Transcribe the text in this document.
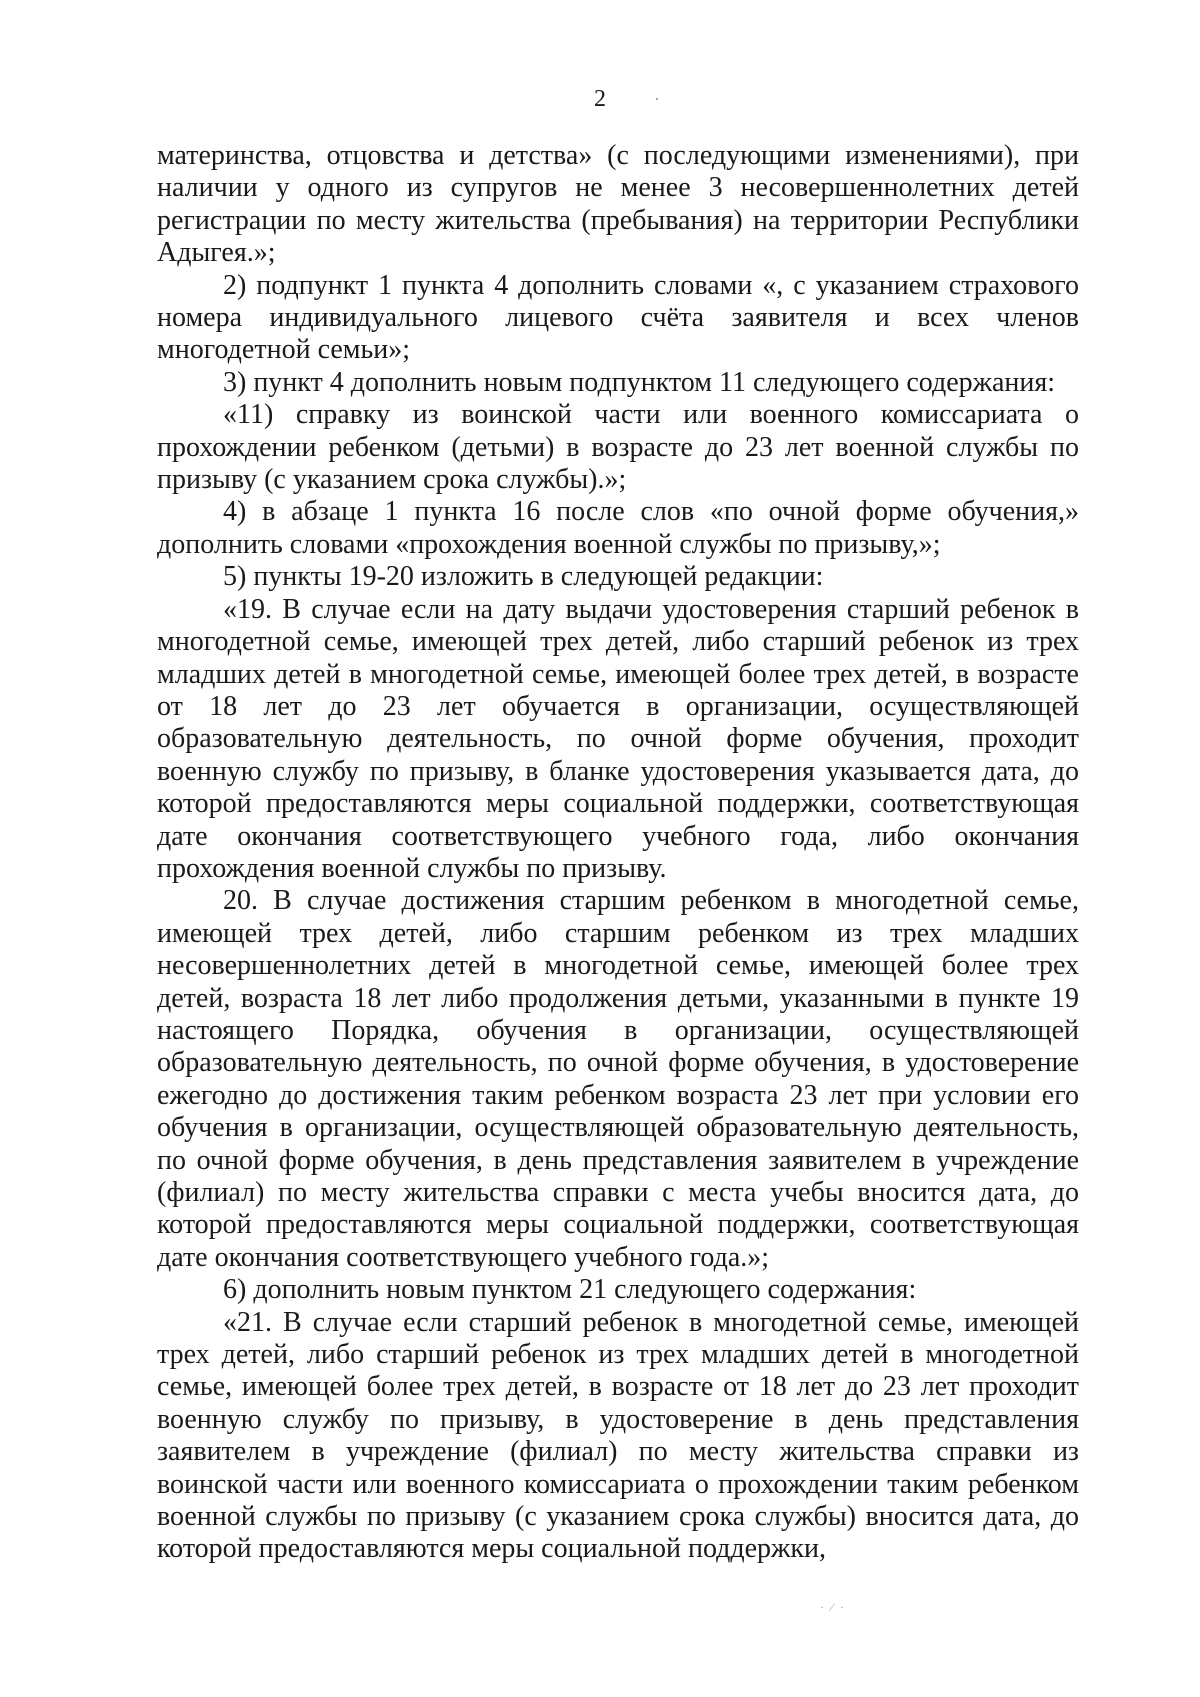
2

материнства, отцовства и детства» (с последующими изменениями), при наличии у одного из супругов не менее 3 несовершеннолетних детей регистрации по месту жительства (пребывания) на территории Республики Адыгея.»;

2) подпункт 1 пункта 4 дополнить словами «, с указанием страхового номера индивидуального лицевого счёта заявителя и всех членов многодетной семьи»;

3) пункт 4 дополнить новым подпунктом 11 следующего содержания:

«11) справку из воинской части или военного комиссариата о прохождении ребенком (детьми) в возрасте до 23 лет военной службы по призыву (с указанием срока службы).»;

4) в абзаце 1 пункта 16 после слов «по очной форме обучения,» дополнить словами «прохождения военной службы по призыву,»;

5) пункты 19-20 изложить в следующей редакции:

«19. В случае если на дату выдачи удостоверения старший ребенок в многодетной семье, имеющей трех детей, либо старший ребенок из трех младших детей в многодетной семье, имеющей более трех детей, в возрасте от 18 лет до 23 лет обучается в организации, осуществляющей образовательную деятельность, по очной форме обучения, проходит военную службу по призыву, в бланке удостоверения указывается дата, до которой предоставляются меры социальной поддержки, соответствующая дате окончания соответствующего учебного года, либо окончания прохождения военной службы по призыву.

20. В случае достижения старшим ребенком в многодетной семье, имеющей трех детей, либо старшим ребенком из трех младших несовершеннолетних детей в многодетной семье, имеющей более трех детей, возраста 18 лет либо продолжения детьми, указанными в пункте 19 настоящего Порядка, обучения в организации, осуществляющей образовательную деятельность, по очной форме обучения, в удостоверение ежегодно до достижения таким ребенком возраста 23 лет при условии его обучения в организации, осуществляющей образовательную деятельность, по очной форме обучения, в день представления заявителем в учреждение (филиал) по месту жительства справки с места учебы вносится дата, до которой предоставляются меры социальной поддержки, соответствующая дате окончания соответствующего учебного года.»;

6) дополнить новым пунктом 21 следующего содержания:

«21. В случае если старший ребенок в многодетной семье, имеющей трех детей, либо старший ребенок из трех младших детей в многодетной семье, имеющей более трех детей, в возрасте от 18 лет до 23 лет проходит военную службу по призыву, в удостоверение в день представления заявителем в учреждение (филиал) по месту жительства справки из воинской части или военного комиссариата о прохождении таким ребенком военной службы по призыву (с указанием срока службы) вносится дата, до которой предоставляются меры социальной поддержки,

· ⁄ ·
